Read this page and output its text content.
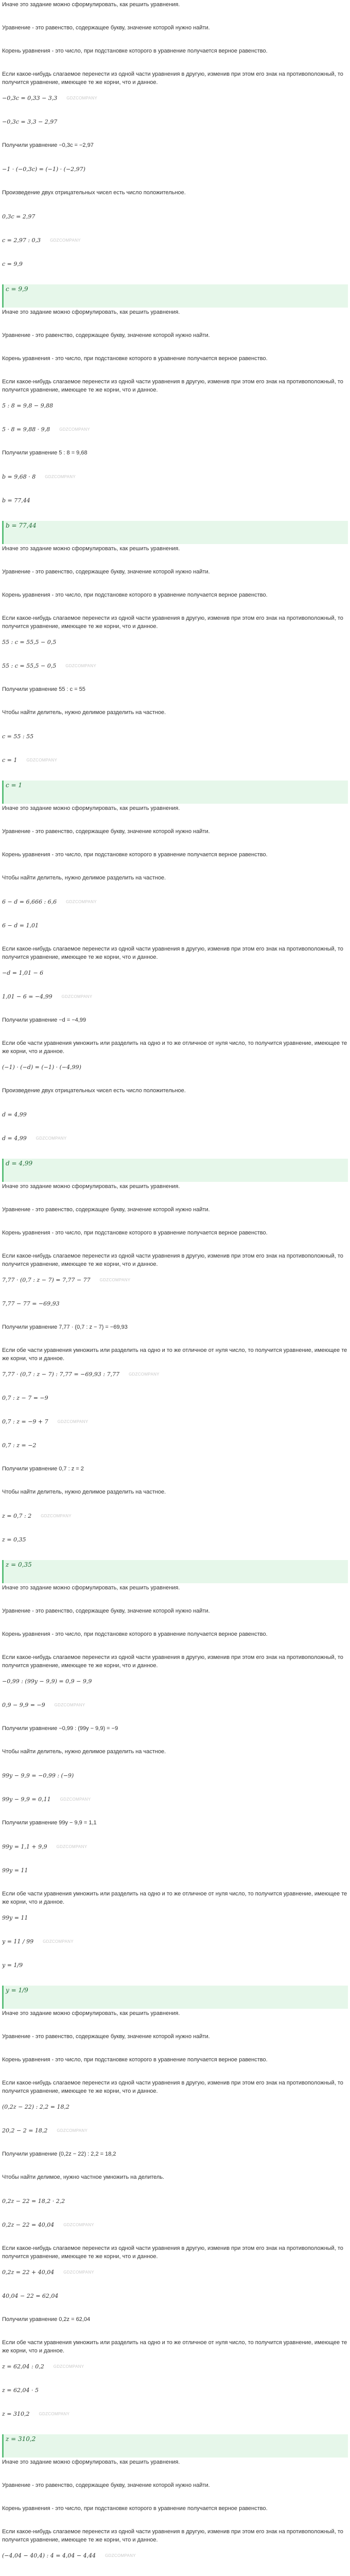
Иначе это задание можно сформулировать, как решить уравнения.
Уравнение - это равенство, содержащее букву, значение которой нужно найти.
Корень уравнения - это число, при подстановке которого в уравнение получается верное равенство.
Если какое-нибудь слагаемое перенести из одной части уравнения в другую, изменив при этом его знак на противоположный, то получится уравнение, имеющее те же корни, что и данное.
−0,3c = 0,33 − 3,3 GDZCOMPANY
−0,3c = 3,3 − 2,97
Получили уравнение −0,3c = −2,97
−1 · (−0,3c) = (−1) · (−2,97)
Произведение двух отрицательных чисел есть число положительное.
0,3c = 2,97
c = 2,97 : 0,3 GDZCOMPANY
c = 9,9
c = 9,9
Иначе это задание можно сформулировать, как решить уравнения.
Уравнение - это равенство, содержащее букву, значение которой нужно найти.
Корень уравнения - это число, при подстановке которого в уравнение получается верное равенство.
Если какое-нибудь слагаемое перенести из одной части уравнения в другую, изменив при этом его знак на противоположный, то получится уравнение, имеющее те же корни, что и данное.
5 : 8 = 9,8 − 9,88
5 · 8 = 9,88 · 9,8 GDZCOMPANY
Получили уравнение 5 : 8 = 9,68
b = 9,68 · 8 GDZCOMPANY
b = 77,44
b = 77,44
Иначе это задание можно сформулировать, как решить уравнения.
Уравнение - это равенство, содержащее букву, значение которой нужно найти.
Корень уравнения - это число, при подстановке которого в уравнение получается верное равенство.
Если какое-нибудь слагаемое перенести из одной части уравнения в другую, изменив при этом его знак на противоположный, то получится уравнение, имеющее те же корни, что и данное.
55 : c = 55,5 − 0,5
55 : c = 55,5 − 0,5 GDZCOMPANY
Получили уравнение 55 : c = 55
Чтобы найти делитель, нужно делимое разделить на частное.
c = 55 : 55
c = 1 GDZCOMPANY
c = 1
Иначе это задание можно сформулировать, как решить уравнения.
Уравнение - это равенство, содержащее букву, значение которой нужно найти.
Корень уравнения - это число, при подстановке которого в уравнение получается верное равенство.
Чтобы найти делитель, нужно делимое разделить на частное.
6 − d = 6,666 : 6,6 GDZCOMPANY
6 − d = 1,01
Если какое-нибудь слагаемое перенести из одной части уравнения в другую, изменив при этом его знак на противоположный, то получится уравнение, имеющее те же корни, что и данное.
−d = 1,01 − 6
1,01 − 6 = −4,99 GDZCOMPANY
Получили уравнение −d = −4,99
Если обе части уравнения умножить или разделить на одно и то же отличное от нуля число, то получится уравнение, имеющее те же корни, что и данное.
(−1) · (−d) = (−1) · (−4,99)
Произведение двух отрицательных чисел есть число положительное.
d = 4,99
d = 4,99 GDZCOMPANY
d = 4,99
Иначе это задание можно сформулировать, как решить уравнения.
Уравнение - это равенство, содержащее букву, значение которой нужно найти.
Корень уравнения - это число, при подстановке которого в уравнение получается верное равенство.
Если какое-нибудь слагаемое перенести из одной части уравнения в другую, изменив при этом его знак на противоположный, то получится уравнение, имеющее те же корни, что и данное.
7,77 · (0,7 : z − 7) = 7,77 − 77 GDZCOMPANY
7,77 − 77 = −69,93
Получили уравнение 7,77 · (0,7 : z − 7) = −69,93
Если обе части уравнения умножить или разделить на одно и то же отличное от нуля число, то получится уравнение, имеющее те же корни, что и данное.
7,77 · (0,7 : z − 7) : 7,77 = −69,93 : 7,77 GDZCOMPANY
0,7 : z − 7 = −9
0,7 : z = −9 + 7 GDZCOMPANY
0,7 : z = −2
Получили уравнение 0,7 : z = 2
Чтобы найти делитель, нужно делимое разделить на частное.
z = 0,7 : 2 GDZCOMPANY
z = 0,35
z = 0,35
Иначе это задание можно сформулировать, как решить уравнения.
Уравнение - это равенство, содержащее букву, значение которой нужно найти.
Корень уравнения - это число, при подстановке которого в уравнение получается верное равенство.
Если какое-нибудь слагаемое перенести из одной части уравнения в другую, изменив при этом его знак на противоположный, то получится уравнение, имеющее те же корни, что и данное.
−0,99 : (99y − 9,9) = 0,9 − 9,9
0,9 − 9,9 = −9 GDZCOMPANY
Получили уравнение −0,99 : (99y − 9,9) = −9
Чтобы найти делитель, нужно делимое разделить на частное.
99y − 9,9 = −0,99 : (−9)
99y − 9,9 = 0,11 GDZCOMPANY
Получили уравнение 99y − 9,9 = 1,1
99y = 1,1 + 9,9 GDZCOMPANY
99y = 11
Если обе части уравнения умножить или разделить на одно и то же отличное от нуля число, то получится уравнение, имеющее те же корни, что и данное.
99y = 11
y = 11 / 99 GDZCOMPANY
y = 1/9
y = 1/9
Иначе это задание можно сформулировать, как решить уравнения.
Уравнение - это равенство, содержащее букву, значение которой нужно найти.
Корень уравнения - это число, при подстановке которого в уравнение получается верное равенство.
Если какое-нибудь слагаемое перенести из одной части уравнения в другую, изменив при этом его знак на противоположный, то получится уравнение, имеющее те же корни, что и данное.
(0,2z − 22) : 2,2 = 18,2
20,2 − 2 = 18,2 GDZCOMPANY
Получили уравнение (0,2z − 22) : 2,2 = 18,2
Чтобы найти делимое, нужно частное умножить на делитель.
0,2z − 22 = 18,2 · 2,2
0,2z − 22 = 40,04 GDZCOMPANY
Если какое-нибудь слагаемое перенести из одной части уравнения в другую, изменив при этом его знак на противоположный, то получится уравнение, имеющее те же корни, что и данное.
0,2z = 22 + 40,04 GDZCOMPANY
40,04 − 22 = 62,04
Получили уравнение 0,2z = 62,04
Если обе части уравнения умножить или разделить на одно и то же отличное от нуля число, то получится уравнение, имеющее те же корни, что и данное.
z = 62,04 : 0,2 GDZCOMPANY
z = 62,04 · 5
z = 310,2 GDZCOMPANY
z = 310,2
Иначе это задание можно сформулировать, как решить уравнения.
Уравнение - это равенство, содержащее букву, значение которой нужно найти.
Корень уравнения - это число, при подстановке которого в уравнение получается верное равенство.
Если какое-нибудь слагаемое перенести из одной части уравнения в другую, изменив при этом его знак на противоположный, то получится уравнение, имеющее те же корни, что и данное.
(−4,04 − 40,4) : 4 = 4,04 − 4,44 GDZCOMPANY
